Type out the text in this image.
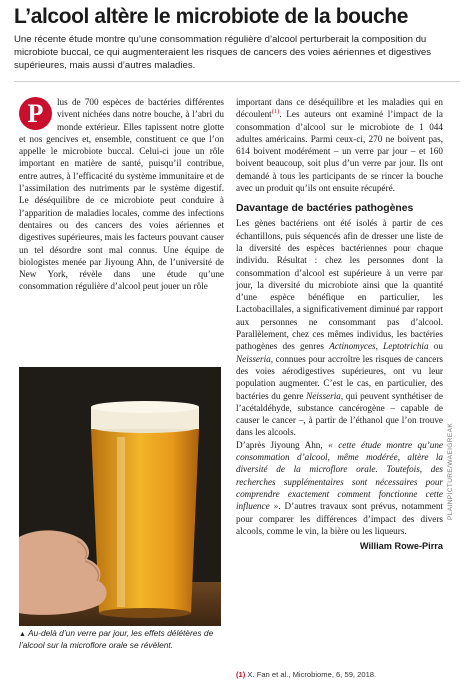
L’alcool altère le microbiote de la bouche

Une récente étude montre qu’une consommation régulière d’alcool perturberait la composition du microbiote buccal, ce qui augmenteraient les risques de cancers des voies aériennes et digestives supérieures, mais aussi d’autres maladies.

P	lus de 700 espèces de bactéries différentes vivent nichées dans notre bouche, à l’abri du monde extérieur. Elles tapissent notre glotte et nos gencives et, ensemble, constituent ce que l’on appelle le microbiote buccal. Celui-ci joue un rôle important en matière de santé, puisqu’il contribue, entre autres, à l’efficacité du système immunitaire et de l’assimilation des nutriments par le système digestif. Le déséquilibre de ce microbiote peut conduire à l’apparition de maladies locales, comme des infections dentaires ou des cancers des voies aériennes et digestives supérieures, mais les facteurs pouvant causer un tel désordre sont mal connus. Une équipe de biologistes menée par Jiyoung Ahn, de l’université de New York, révèle dans une étude qu’une consommation régulière d’alcool peut jouer un rôle

▲ Au-delà d’un verre par jour, les effets délétères de l’alcool sur la microflore orale se révèlent.

important dans ce déséquilibre et les maladies qui en découlent$^{(1)}$. Les auteurs ont examiné l’impact de la consommation d’alcool sur le microbiote de 1 044 adultes américains. Parmi ceux-ci, 270 ne boivent pas, 614 boivent modérément – un verre par jour – et 160 boivent beaucoup, soit plus d’un verre par jour. Ils ont demandé à tous les participants de se rincer la bouche avec un produit qu’ils ont ensuite récupéré.

Davantage de bactéries pathogènes

Les gènes bactériens ont été isolés à partir de ces échantillons, puis séquencés afin de dresser une liste de la diversité des espèces bactériennes pour chaque individu. Résultat : chez les personnes dont la consommation d’alcool est supérieure à un verre par jour, la diversité du microbiote ainsi que la quantité d’une espèce bénéfique en particulier, les Lactobacillales, a significativement diminué par rapport aux personnes ne consommant pas d’alcool. Parallèlement, chez ces mêmes individus, les bactéries pathogènes des genres Actinomyces, Leptotrichia ou Neisseria, connues pour accroître les risques de cancers des voies aérodigestives supérieures, ont vu leur population augmenter. C’est le cas, en particulier, des bactéries du genre Neisseria, qui peuvent synthétiser de l’acétaldéhyde, substance cancérogène – capable de causer le cancer –, à partir de l’éthanol que l’on trouve dans les alcools.

D’après Jiyoung Ahn, « cette étude montre qu’une consommation d’alcool, même modérée, altère la diversité de la microflore orale. Toutefois, des recherches supplémentaires sont nécessaires pour comprendre exactement comment fonctionne cette influence ». D’autres travaux sont prévus, notamment pour comparer les différences d’impact des divers alcools, comme le vin, la bière ou les liqueurs.

William Rowe-Pirra

(1) X. Fan et al., Microbiome, 6, 59, 2018.

PLAINPICTURE/WAEIGREAK
